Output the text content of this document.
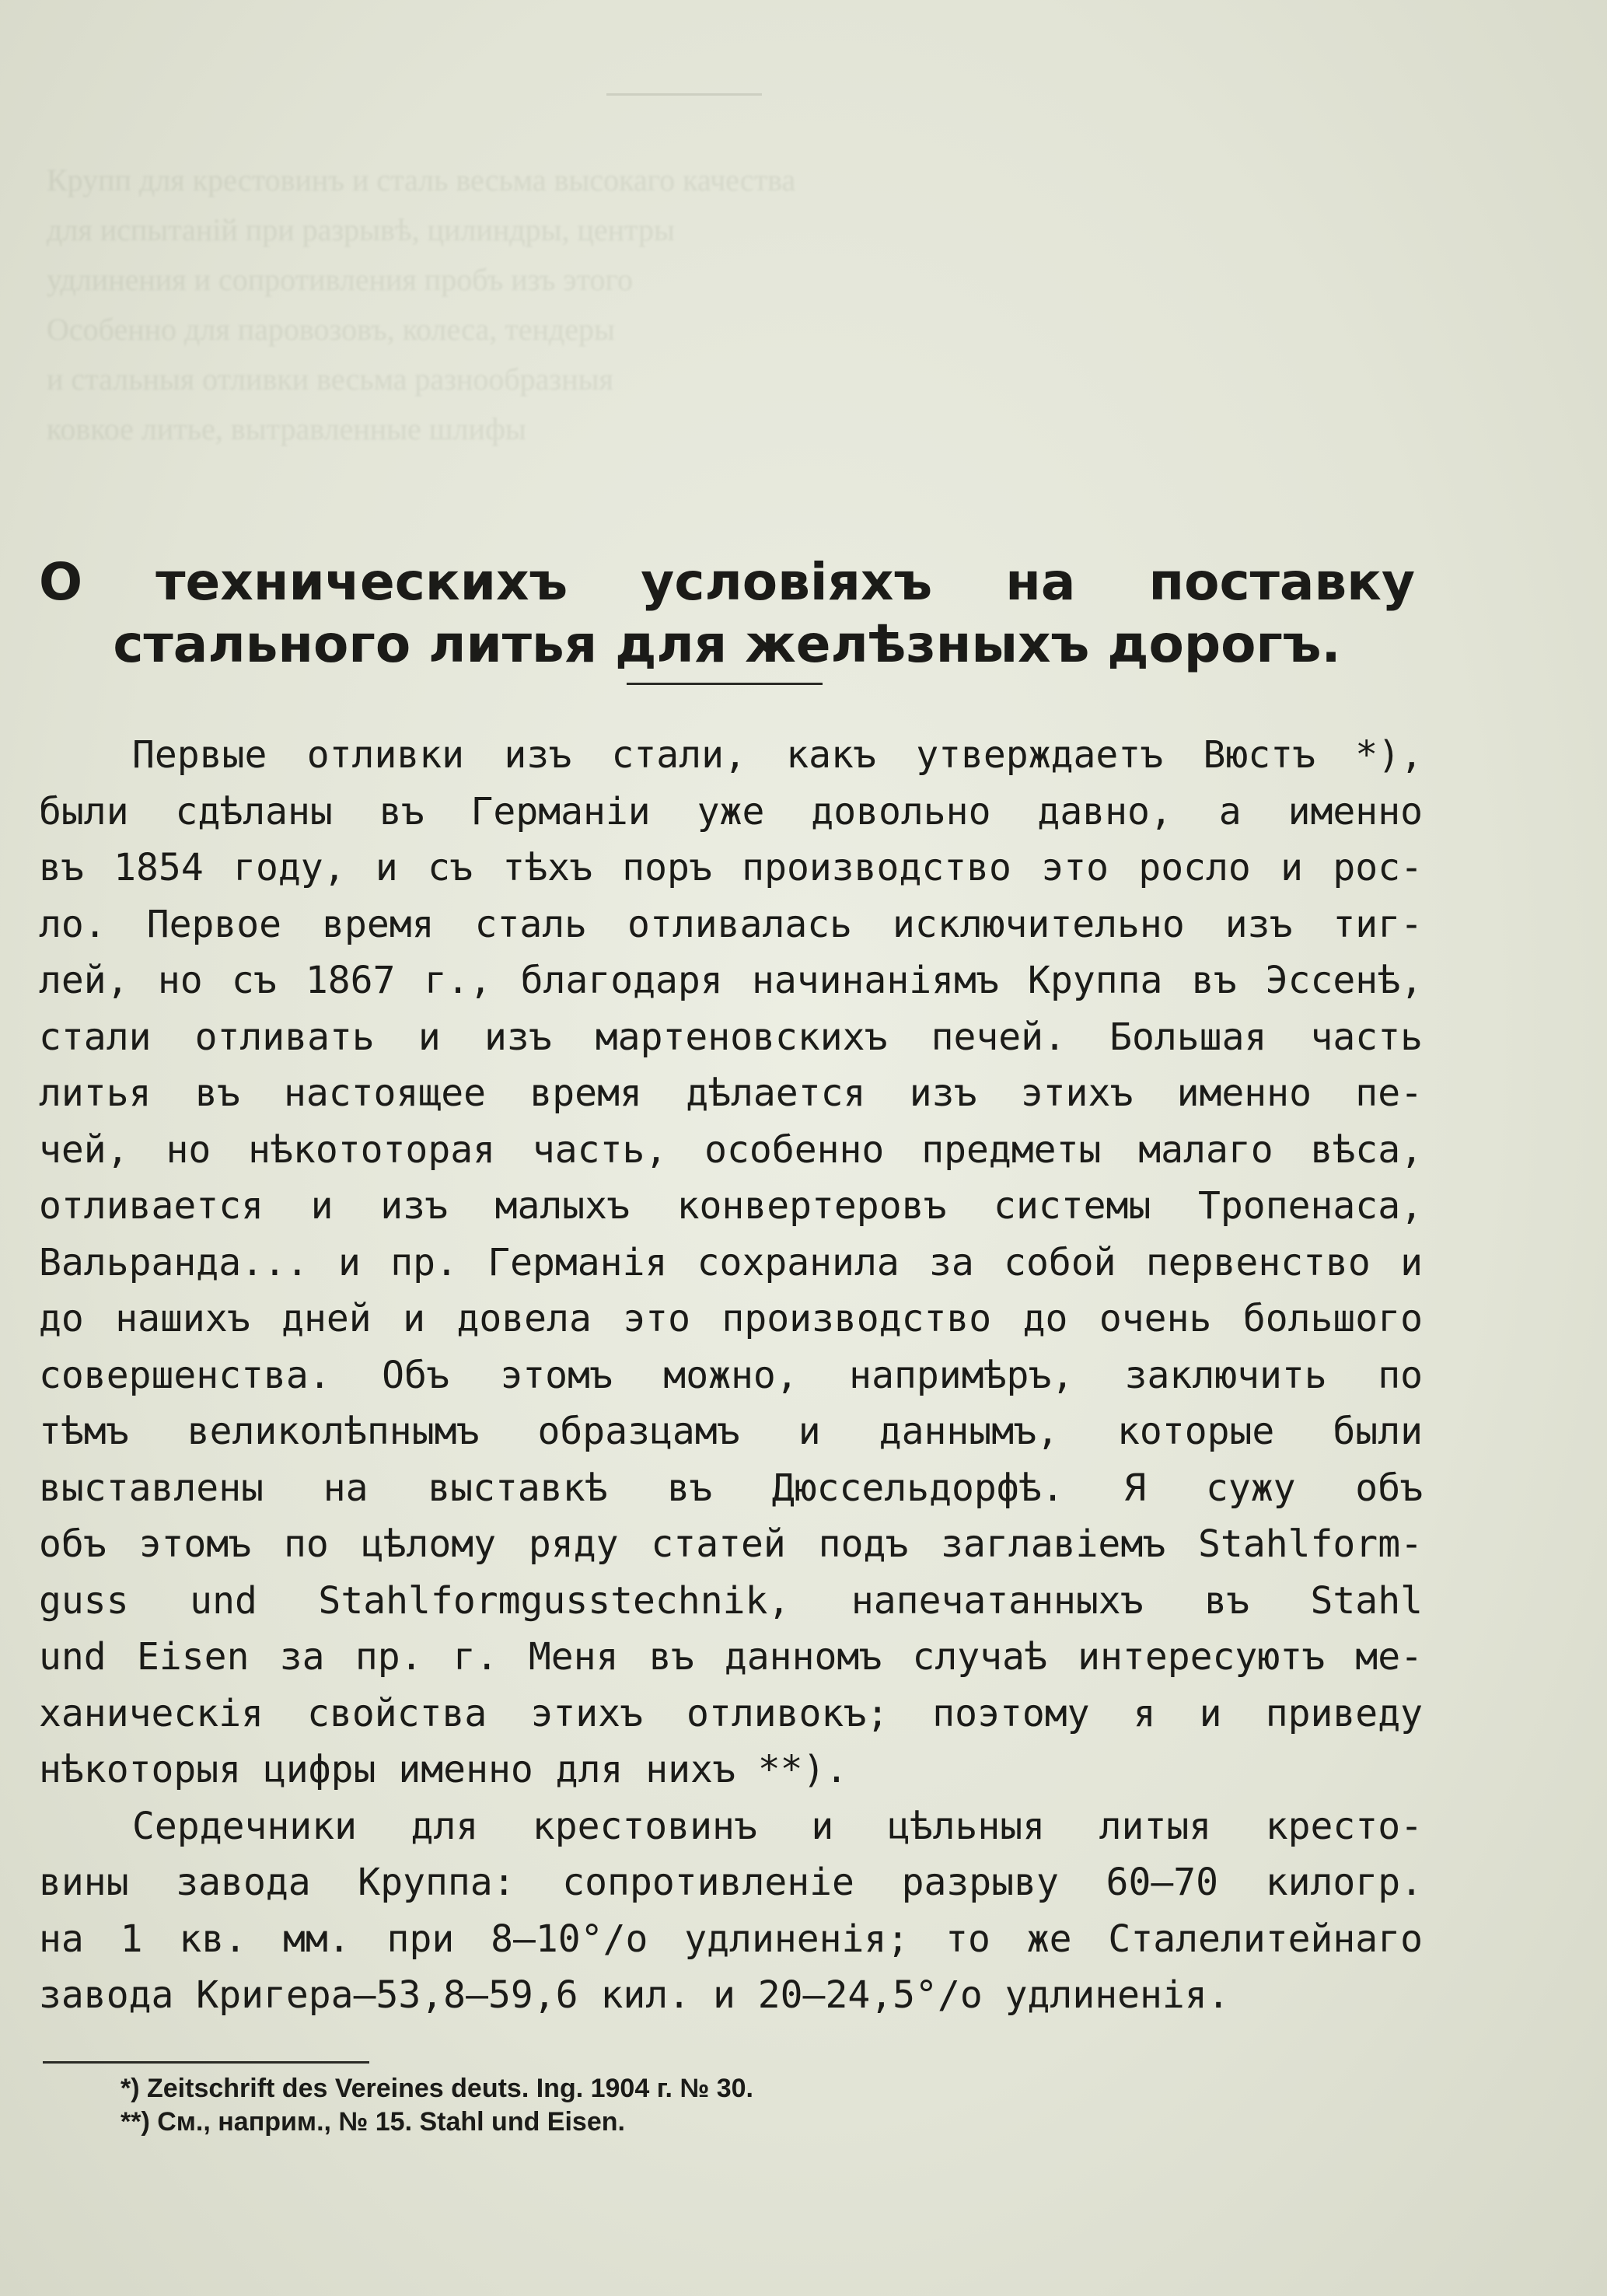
Крупп для крестовинъ и сталь весьма высокаго качества
для испытаній при разрывѣ, цилиндры, центры
удлинения и сопротивления пробъ изъ этого
Особенно для паровозовъ, колеса, тендеры
и стальныя отливки весьма разнообразныя
ковкое литье, вытравленные шлифы
О техническихъ условіяхъ на поставку
стального литья для желѣзныхъ дорогъ.
Первые отливки изъ стали, какъ утверждаетъ Вюстъ *),
были сдѣланы въ Германіи уже довольно давно, а именно
въ 1854 году, и съ тѣхъ поръ производство это росло и рос-
ло. Первое время сталь отливалась исключительно изъ тиг-
лей, но съ 1867 г., благодаря начинаніямъ Круппа въ Эссенѣ,
стали отливать и изъ мартеновскихъ печей. Большая часть
литья въ настоящее время дѣлается изъ этихъ именно пе-
чей, но нѣкототорая часть, особенно предметы малаго вѣса,
отливается и изъ малыхъ конвертеровъ системы Тропенаса,
Вальранда... и пр. Германія сохранила за собой первенство и
до нашихъ дней и довела это производство до очень большого
совершенства. Объ этомъ можно, напримѣръ, заключить по
тѣмъ великолѣпнымъ образцамъ и даннымъ, которые были
выставлены на выставкѣ въ Дюссельдорфѣ. Я сужу объ
объ этомъ по цѣлому ряду статей подъ заглавіемъ Stahlform-
guss und Stahlformgusstechnik, напечатанныхъ въ Stahl
und Eisen за пр. г. Меня въ данномъ случаѣ интересуютъ ме-
ханическія свойства этихъ отливокъ; поэтому я и приведу
нѣкоторыя цифры именно для нихъ **).
Сердечники для крестовинъ и цѣльныя литыя кресто-
вины завода Круппа: сопротивленіе разрыву 60—70 килогр.
на 1 кв. мм. при 8—10°/о удлиненія; то же Сталелитейнаго
завода Кригера—53,8—59,6 кил. и 20—24,5°/о удлиненія.
*) Zeitschrift des Vereines deuts. Ing. 1904 г. № 30.
**) См., наприм., № 15. Stahl und Eisen.
